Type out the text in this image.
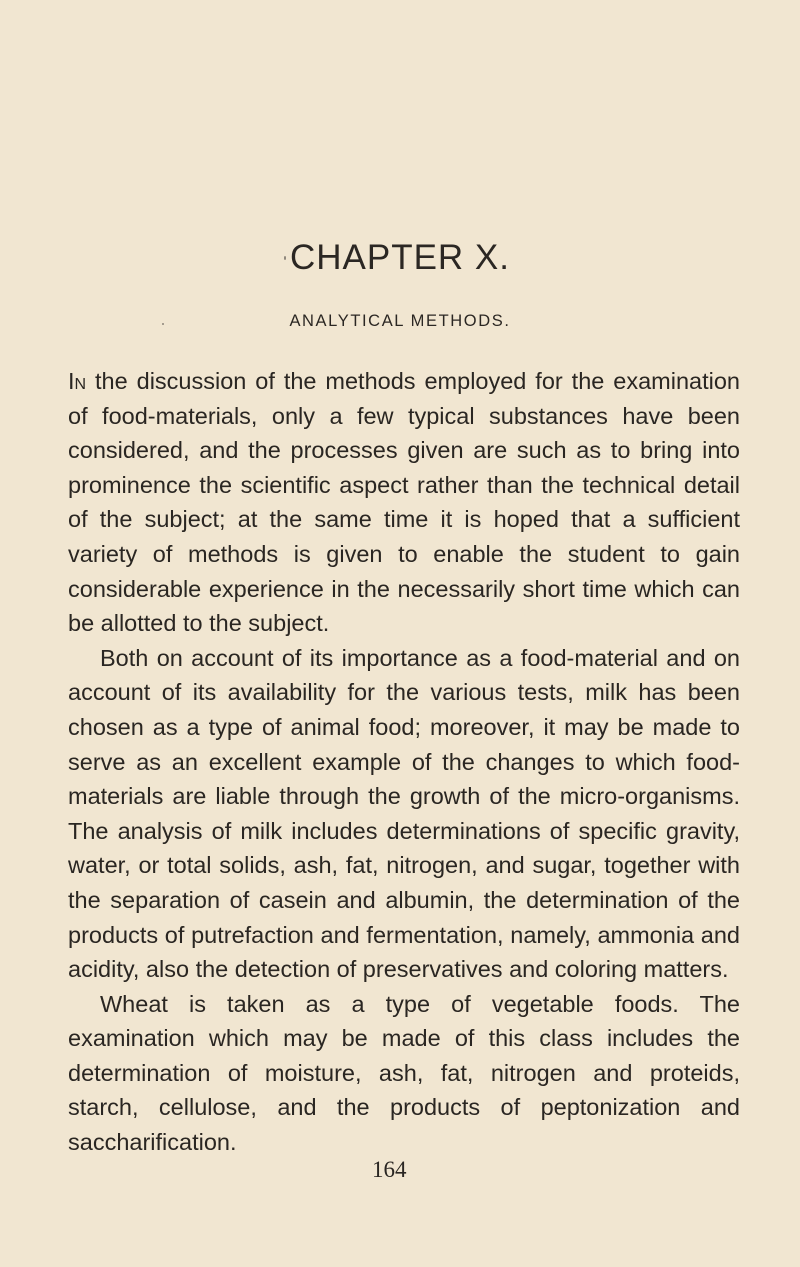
CHAPTER X.
ANALYTICAL METHODS.

In the discussion of the methods employed for the examination of food-materials, only a few typical substances have been considered, and the processes given are such as to bring into prominence the scientific aspect rather than the technical detail of the subject; at the same time it is hoped that a sufficient variety of methods is given to enable the student to gain considerable experience in the necessarily short time which can be allotted to the subject.

Both on account of its importance as a food-material and on account of its availability for the various tests, milk has been chosen as a type of animal food; moreover, it may be made to serve as an excellent example of the changes to which food-materials are liable through the growth of the micro-organisms. The analysis of milk includes determinations of specific gravity, water, or total solids, ash, fat, nitrogen, and sugar, together with the separation of casein and albumin, the determination of the products of putrefaction and fermentation, namely, ammonia and acidity, also the detection of preservatives and coloring matters.

Wheat is taken as a type of vegetable foods. The examination which may be made of this class includes the determination of moisture, ash, fat, nitrogen and proteids, starch, cellulose, and the products of peptonization and saccharification.

164
